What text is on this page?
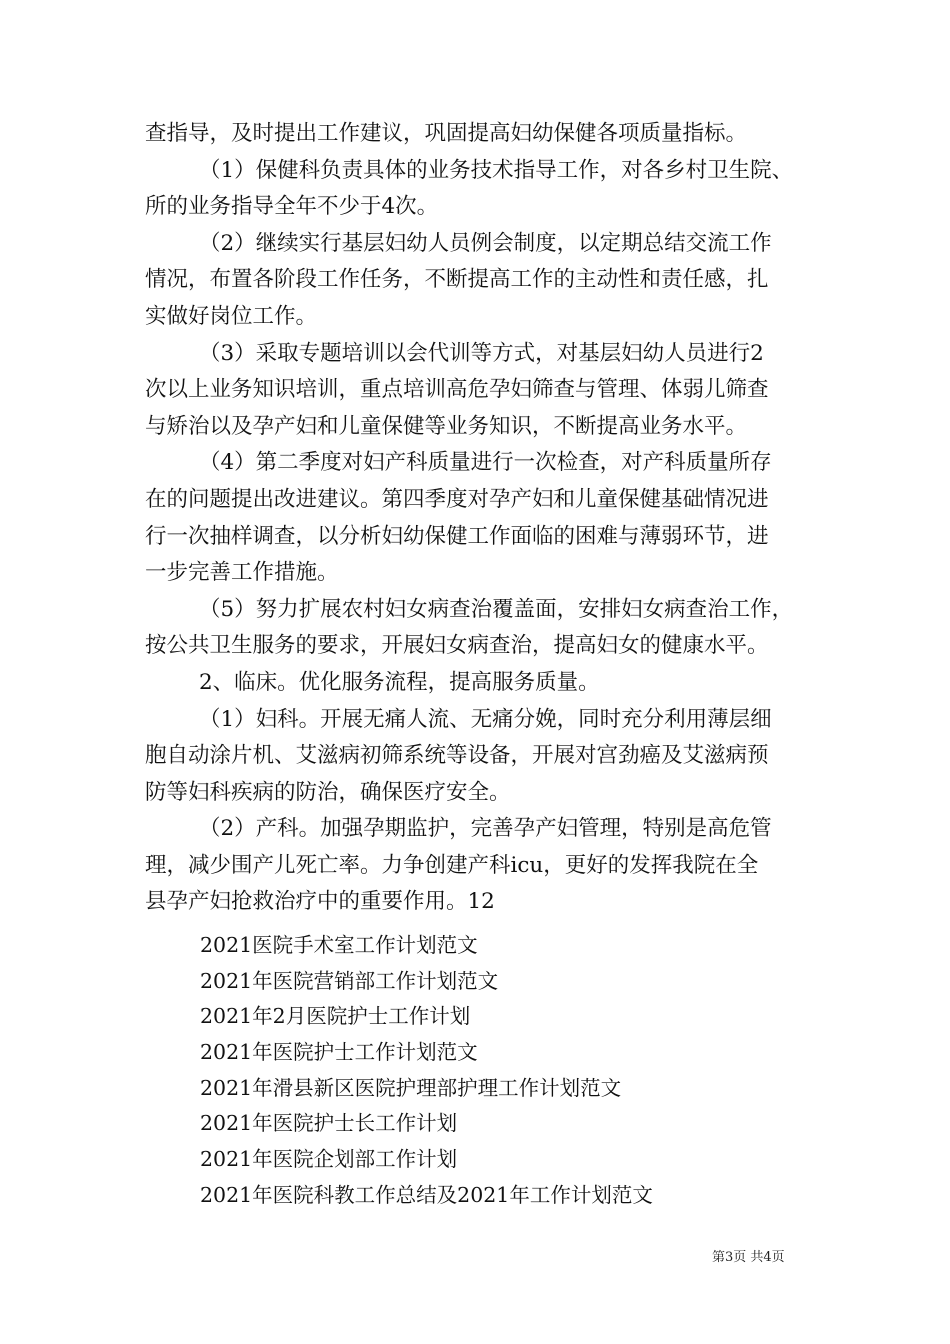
查指导，及时提出工作建议，巩固提高妇幼保健各项质量指标。
（1）保健科负责具体的业务技术指导工作，对各乡村卫生院、
所的业务指导全年不少于4次。
（2）继续实行基层妇幼人员例会制度，以定期总结交流工作
情况，布置各阶段工作任务，不断提高工作的主动性和责任感，扎
实做好岗位工作。
（3）采取专题培训以会代训等方式，对基层妇幼人员进行2
次以上业务知识培训，重点培训高危孕妇筛查与管理、体弱儿筛查
与矫治以及孕产妇和儿童保健等业务知识，不断提高业务水平。
（4）第二季度对妇产科质量进行一次检查，对产科质量所存
在的问题提出改进建议。第四季度对孕产妇和儿童保健基础情况进
行一次抽样调查，以分析妇幼保健工作面临的困难与薄弱环节，进
一步完善工作措施。
（5）努力扩展农村妇女病查治覆盖面，安排妇女病查治工作，
按公共卫生服务的要求，开展妇女病查治，提高妇女的健康水平。
2、临床。优化服务流程，提高服务质量。
（1）妇科。开展无痛人流、无痛分娩，同时充分利用薄层细
胞自动涂片机、艾滋病初筛系统等设备，开展对宫劲癌及艾滋病预
防等妇科疾病的防治，确保医疗安全。
（2）产科。加强孕期监护，完善孕产妇管理，特别是高危管
理，减少围产儿死亡率。力争创建产科icu，更好的发挥我院在全
县孕产妇抢救治疗中的重要作用。12
2021医院手术室工作计划范文
2021年医院营销部工作计划范文
2021年2月医院护士工作计划
2021年医院护士工作计划范文
2021年滑县新区医院护理部护理工作计划范文
2021年医院护士长工作计划
2021年医院企划部工作计划
2021年医院科教工作总结及2021年工作计划范文
第3页 共4页
